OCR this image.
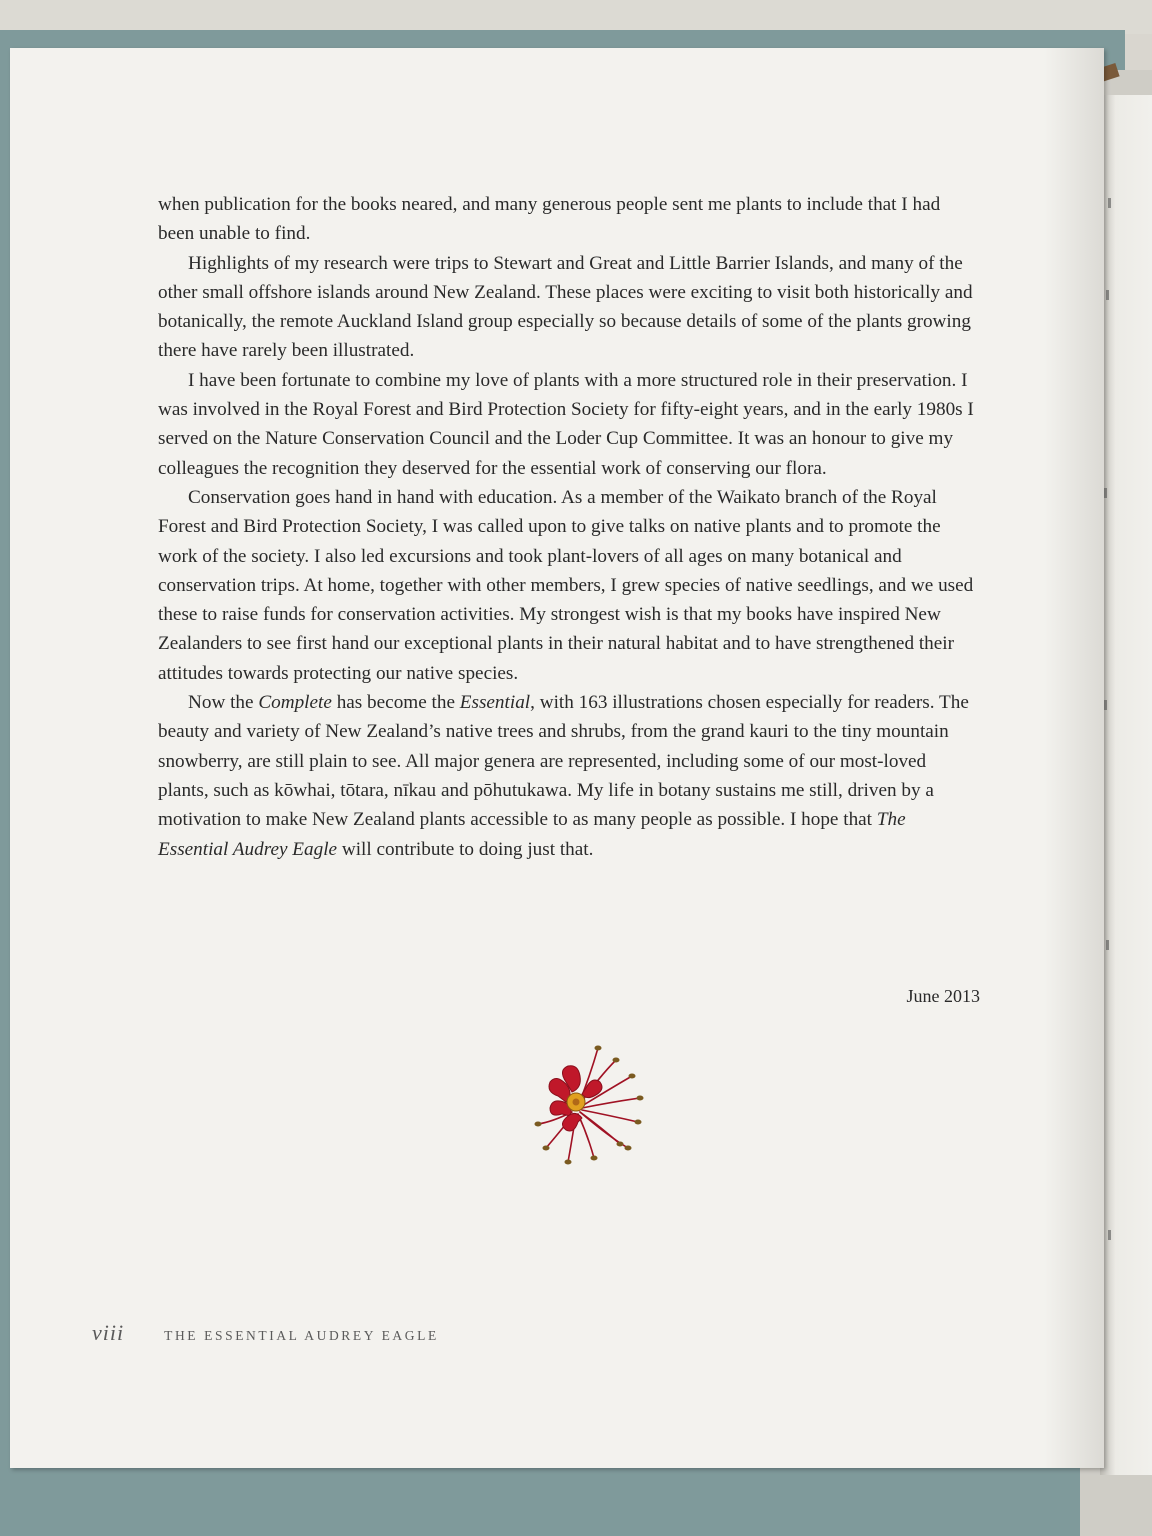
when publication for the books neared, and many generous people sent me plants to include that I had been unable to find.

Highlights of my research were trips to Stewart and Great and Little Barrier Islands, and many of the other small offshore islands around New Zealand. These places were exciting to visit both historically and botanically, the remote Auckland Island group especially so because details of some of the plants growing there have rarely been illustrated.

I have been fortunate to combine my love of plants with a more structured role in their preservation. I was involved in the Royal Forest and Bird Protection Society for fifty-eight years, and in the early 1980s I served on the Nature Conservation Council and the Loder Cup Committee. It was an honour to give my colleagues the recognition they deserved for the essential work of conserving our flora.

Conservation goes hand in hand with education. As a member of the Waikato branch of the Royal Forest and Bird Protection Society, I was called upon to give talks on native plants and to promote the work of the society. I also led excursions and took plant-lovers of all ages on many botanical and conservation trips. At home, together with other members, I grew species of native seedlings, and we used these to raise funds for conservation activities. My strongest wish is that my books have inspired New Zealanders to see first hand our exceptional plants in their natural habitat and to have strengthened their attitudes towards protecting our native species.

Now the Complete has become the Essential, with 163 illustrations chosen especially for readers. The beauty and variety of New Zealand’s native trees and shrubs, from the grand kauri to the tiny mountain snowberry, are still plain to see. All major genera are represented, including some of our most-loved plants, such as kōwhai, tōtara, nīkau and pōhutukawa. My life in botany sustains me still, driven by a motivation to make New Zealand plants accessible to as many people as possible. I hope that The Essential Audrey Eagle will contribute to doing just that.

June 2013
viii	THE ESSENTIAL AUDREY EAGLE
